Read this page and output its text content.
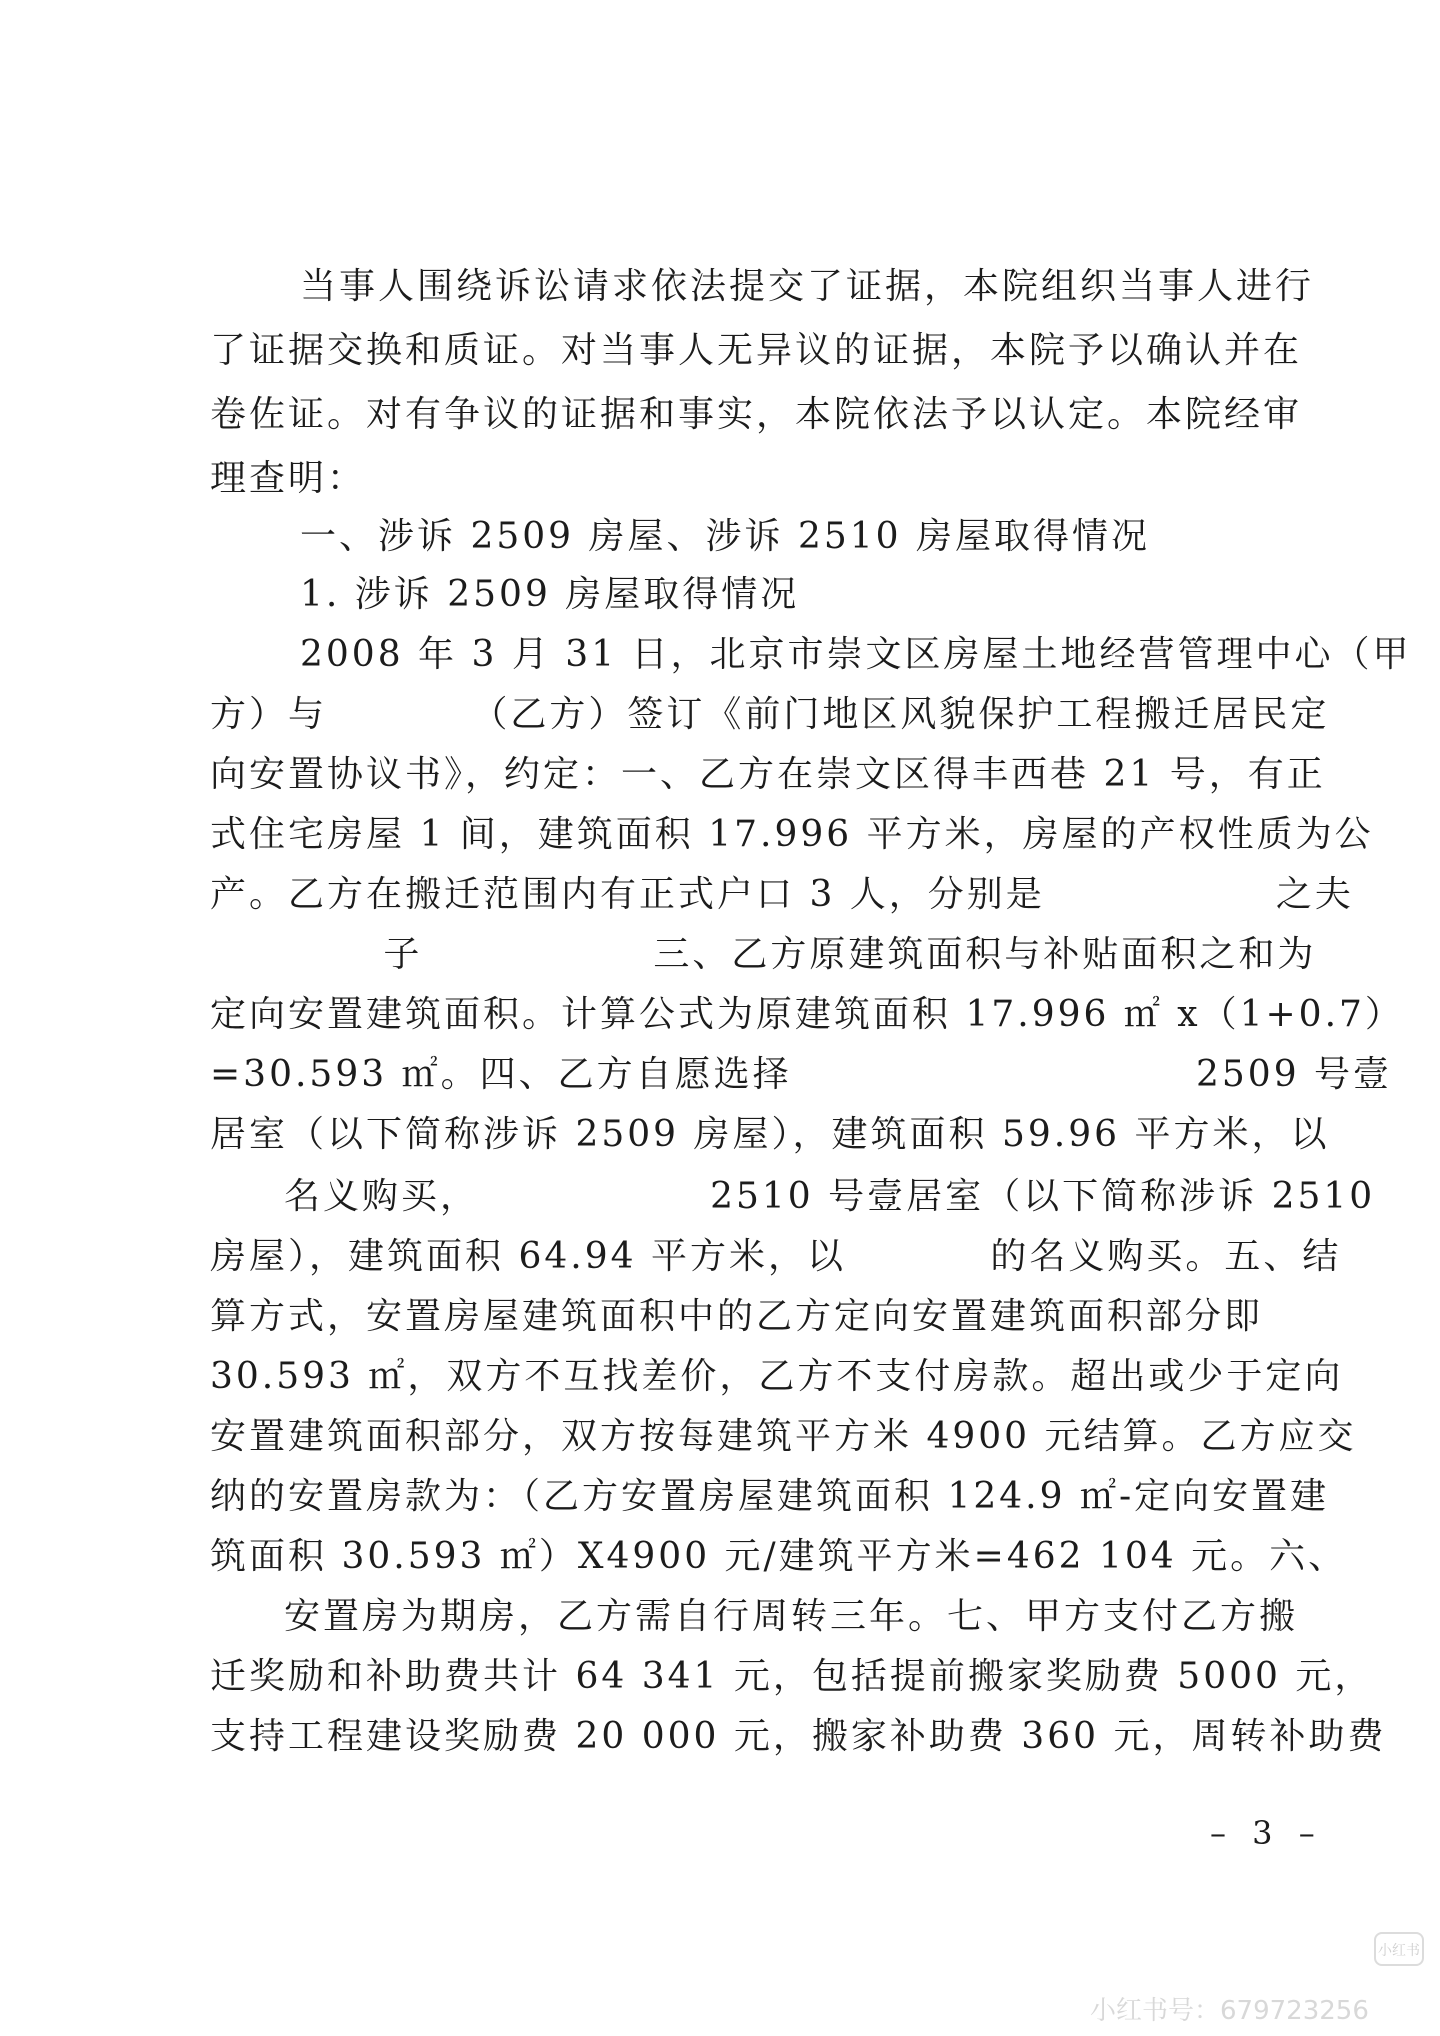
当事人围绕诉讼请求依法提交了证据，本院组织当事人进行
了证据交换和质证。对当事人无异议的证据，本院予以确认并在
卷佐证。对有争议的证据和事实，本院依法予以认定。本院经审
理查明：
一、涉诉 2509 房屋、涉诉 2510 房屋取得情况
1. 涉诉 2509 房屋取得情况
2008 年 3 月 31 日，北京市崇文区房屋土地经营管理中心（甲
方）与          （乙方）签订《前门地区风貌保护工程搬迁居民定
向安置协议书》，约定：一、乙方在崇文区得丰西巷 21 号，有正
式住宅房屋 1 间，建筑面积 17.996 平方米，房屋的产权性质为公
产。乙方在搬迁范围内有正式户口 3 人，分别是                之夫
子                三、乙方原建筑面积与补贴面积之和为
定向安置建筑面积。计算公式为原建筑面积 17.996 ㎡ x（1+0.7）
=30.593 ㎡。四、乙方自愿选择                            2509 号壹
居室（以下简称涉诉 2509 房屋），建筑面积 59.96 平方米，以
名义购买，                2510 号壹居室（以下简称涉诉 2510
房屋），建筑面积 64.94 平方米，以          的名义购买。五、结
算方式，安置房屋建筑面积中的乙方定向安置建筑面积部分即
30.593 ㎡，双方不互找差价，乙方不支付房款。超出或少于定向
安置建筑面积部分，双方按每建筑平方米 4900 元结算。乙方应交
纳的安置房款为：（乙方安置房屋建筑面积 124.9 ㎡-定向安置建
筑面积 30.593 ㎡）X4900 元/建筑平方米=462 104 元。六、
安置房为期房，乙方需自行周转三年。七、甲方支付乙方搬
迁奖励和补助费共计 64 341 元，包括提前搬家奖励费 5000 元，
支持工程建设奖励费 20 000 元，搬家补助费 360 元，周转补助费
– 3 –
小红书
小红书号：679723256
